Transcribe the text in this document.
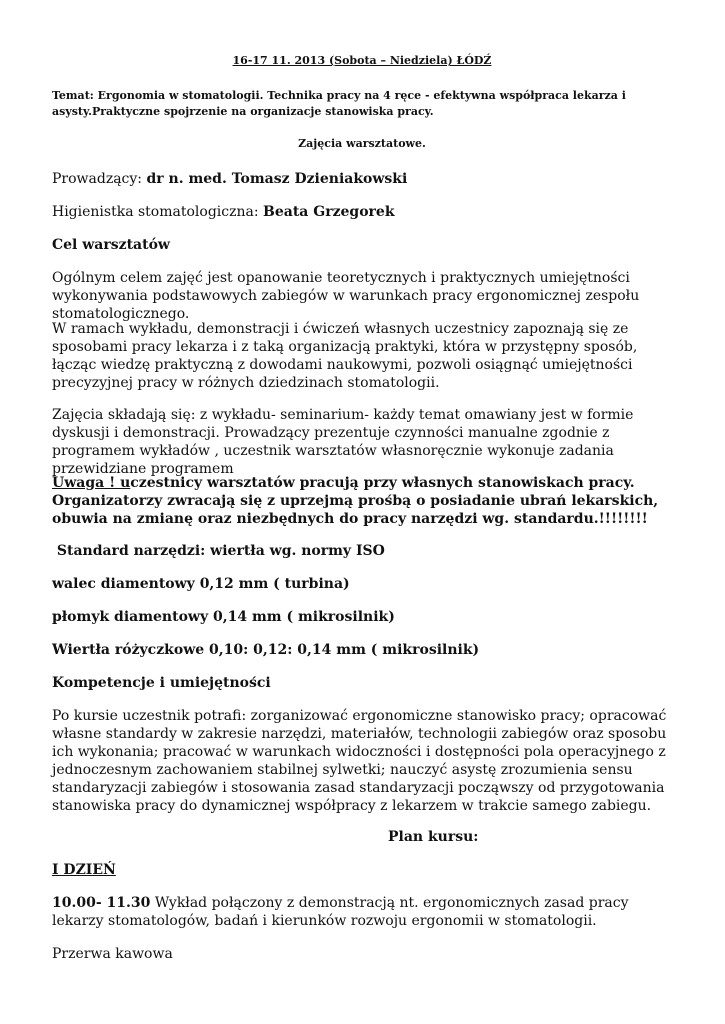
16-17 11. 2013 (Sobota – Niedziela) ŁÓDŹ

Temat: Ergonomia w stomatologii. Technika pracy na 4 ręce - efektywna współpraca lekarza i asysty.Praktyczne spojrzenie na organizacje stanowiska pracy.

Zajęcia warsztatowe.

Prowadzący: dr n. med. Tomasz Dzieniakowski

Higienistka stomatologiczna: Beata Grzegorek

Cel warsztatów

Ogólnym celem zajęć jest opanowanie teoretycznych i praktycznych umiejętności wykonywania podstawowych zabiegów w warunkach pracy ergonomicznej zespołu stomatologicznego.

W ramach wykładu, demonstracji i ćwiczeń własnych uczestnicy zapoznają się ze sposobami pracy lekarza i z taką organizacją praktyki, która w przystępny sposób, łącząc wiedzę praktyczną z dowodami naukowymi, pozwoli osiągnąć umiejętności precyzyjnej pracy w różnych dziedzinach stomatologii.

Zajęcia składają się: z wykładu- seminarium- każdy temat omawiany jest w formie dyskusji i demonstracji. Prowadzący prezentuje czynności manualne zgodnie z programem wykładów , uczestnik warsztatów własnoręcznie wykonuje zadania przewidziane programem

Uwaga ! uczestnicy warsztatów pracują przy własnych stanowiskach pracy. Organizatorzy zwracają się z uprzejmą prośbą o posiadanie ubrań lekarskich, obuwia na zmianę oraz niezbędnych do pracy narzędzi wg. standardu.!!!!!!!!

Standard narzędzi: wiertła wg. normy ISO

walec diamentowy 0,12 mm ( turbina)

płomyk diamentowy 0,14 mm ( mikrosilnik)

Wiertła różyczkowe 0,10: 0,12: 0,14 mm ( mikrosilnik)

Kompetencje i umiejętności

Po kursie uczestnik potrafi: zorganizować ergonomiczne stanowisko pracy; opracować własne standardy w zakresie narzędzi, materiałów, technologii zabiegów oraz sposobu ich wykonania; pracować w warunkach widoczności i dostępności pola operacyjnego z jednoczesnym zachowaniem stabilnej sylwetki; nauczyć asystę zrozumienia sensu standaryzacji zabiegów i stosowania zasad standaryzacji począwszy od przygotowania stanowiska pracy do dynamicznej współpracy z lekarzem w trakcie samego zabiegu.

Plan kursu:

I DZIEŃ

10.00- 11.30 Wykład połączony z demonstracją nt. ergonomicznych zasad pracy lekarzy stomatologów, badań i kierunków rozwoju ergonomii w stomatologii.

Przerwa kawowa
